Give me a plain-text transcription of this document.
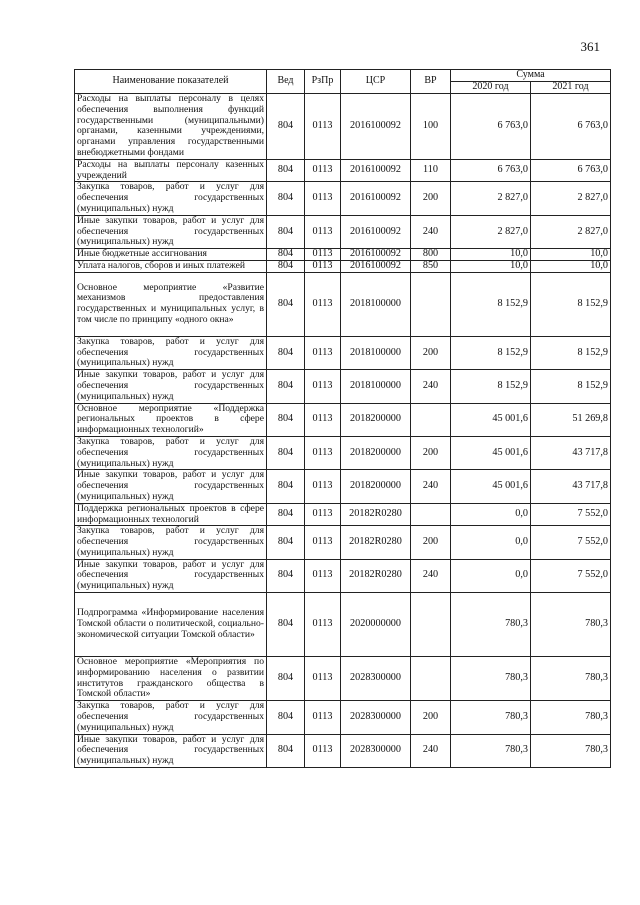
361
Наименование показателей	Вед	РзПр	ЦСР	ВР	Сумма	
					2020 год	2021 год
Расходы на выплаты персоналу в целях обеспечения выполнения функций государственными (муниципальными) органами, казенными учреждениями, органами управления государственными внебюджетными фондами	804	0113	2016100092	100	6 763,0	6 763,0
Расходы на выплаты персоналу казенных учреждений	804	0113	2016100092	110	6 763,0	6 763,0
Закупка товаров, работ и услуг для обеспечения государственных (муниципальных) нужд	804	0113	2016100092	200	2 827,0	2 827,0
Иные закупки товаров, работ и услуг для обеспечения государственных (муниципальных) нужд	804	0113	2016100092	240	2 827,0	2 827,0
Иные бюджетные ассигнования	804	0113	2016100092	800	10,0	10,0
Уплата налогов, сборов и иных платежей	804	0113	2016100092	850	10,0	10,0
Основное мероприятие «Развитие механизмов предоставления государственных и муниципальных услуг, в том числе по принципу «одного окна»	804	0113	2018100000		8 152,9	8 152,9
Закупка товаров, работ и услуг для обеспечения государственных (муниципальных) нужд	804	0113	2018100000	200	8 152,9	8 152,9
Иные закупки товаров, работ и услуг для обеспечения государственных (муниципальных) нужд	804	0113	2018100000	240	8 152,9	8 152,9
Основное мероприятие «Поддержка региональных проектов в сфере информационных технологий»	804	0113	2018200000		45 001,6	51 269,8
Закупка товаров, работ и услуг для обеспечения государственных (муниципальных) нужд	804	0113	2018200000	200	45 001,6	43 717,8
Иные закупки товаров, работ и услуг для обеспечения государственных (муниципальных) нужд	804	0113	2018200000	240	45 001,6	43 717,8
Поддержка региональных проектов в сфере информационных технологий	804	0113	20182R0280		0,0	7 552,0
Закупка товаров, работ и услуг для обеспечения государственных (муниципальных) нужд	804	0113	20182R0280	200	0,0	7 552,0
Иные закупки товаров, работ и услуг для обеспечения государственных (муниципальных) нужд	804	0113	20182R0280	240	0,0	7 552,0
Подпрограмма «Информирование населения Томской области о политической, социально-экономической ситуации Томской области»	804	0113	2020000000		780,3	780,3
Основное мероприятие «Мероприятия по информированию населения о развитии институтов гражданского общества в Томской области»	804	0113	2028300000		780,3	780,3
Закупка товаров, работ и услуг для обеспечения государственных (муниципальных) нужд	804	0113	2028300000	200	780,3	780,3
Иные закупки товаров, работ и услуг для обеспечения государственных (муниципальных) нужд	804	0113	2028300000	240	780,3	780,3
